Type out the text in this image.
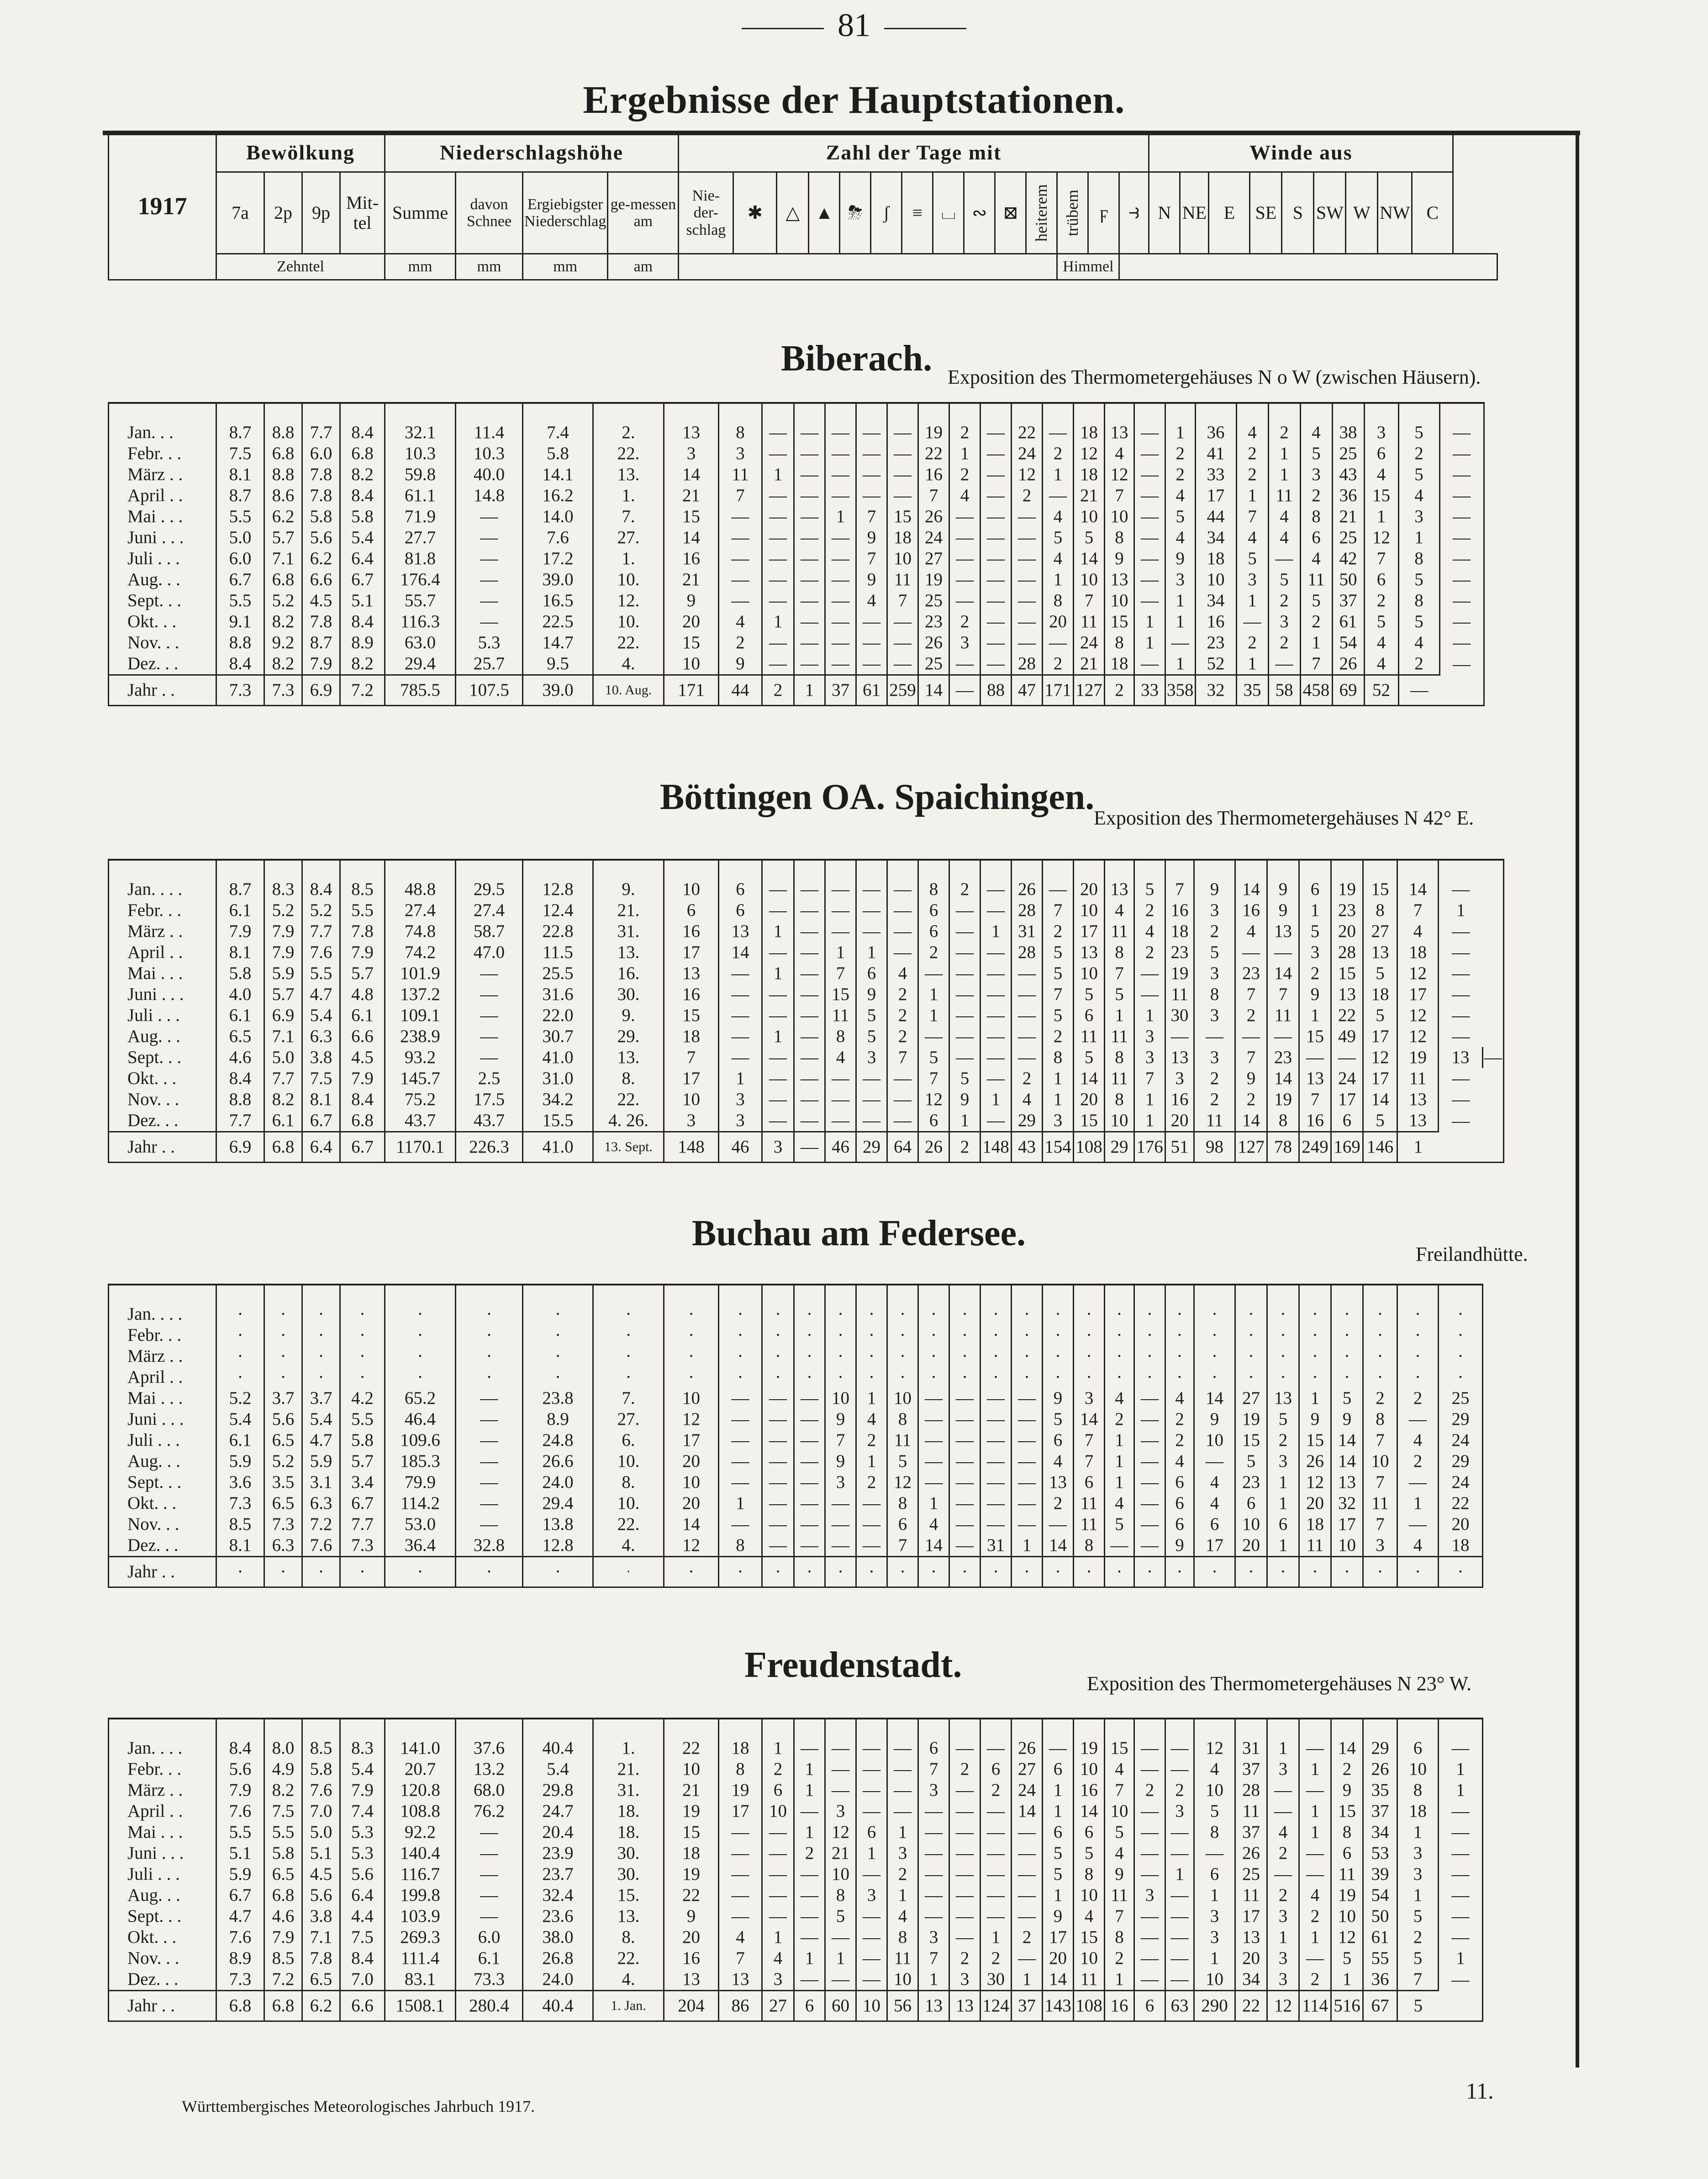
81
Ergebnisse der Hauptstationen.
1917	Bewölkung				Niederschlagshöhe				Zahl der Tage mit														Winde aus								
	7a	2p	9p	Mit-tel	Summe	davon Schnee	Ergiebigster Niederschlag	ge-messen am	Nie-der-schlag	✱	△	▲	⛈	ʃ	≡	⌴	∾	⊠	heiterem	trübem	ϝ	⥽	N	NE	E	SE	S	SW	W	NW	C
	Zehntel				mm	mm	mm	am												Himmel											
Biberach. Exposition des Thermometergehäuses N o W (zwischen Häusern).
Jan. . .	8.7	8.8	7.7	8.4	32.1	11.4	7.4	2.	13	8	—	—	—	—	—	19	2	—	22	—	18	13	—	1	36	4	2	4	38	3	5	—
Febr. . .	7.5	6.8	6.0	6.8	10.3	10.3	5.8	22.	3	3	—	—	—	—	—	22	1	—	24	2	12	4	—	2	41	2	1	5	25	6	2	—
März . .	8.1	8.8	7.8	8.2	59.8	40.0	14.1	13.	14	11	1	—	—	—	—	16	2	—	12	1	18	12	—	2	33	2	1	3	43	4	5	—
April . .	8.7	8.6	7.8	8.4	61.1	14.8	16.2	1.	21	7	—	—	—	—	—	7	4	—	2	—	21	7	—	4	17	1	11	2	36	15	4	—
Mai . . .	5.5	6.2	5.8	5.8	71.9	—	14.0	7.	15	—	—	—	1	7	15	26	—	—	—	4	10	10	—	5	44	7	4	8	21	1	3	—
Juni . . .	5.0	5.7	5.6	5.4	27.7	—	7.6	27.	14	—	—	—	—	9	18	24	—	—	—	5	5	8	—	4	34	4	4	6	25	12	1	—
Juli . . .	6.0	7.1	6.2	6.4	81.8	—	17.2	1.	16	—	—	—	—	7	10	27	—	—	—	4	14	9	—	9	18	5	—	4	42	7	8	—
Aug. . .	6.7	6.8	6.6	6.7	176.4	—	39.0	10.	21	—	—	—	—	9	11	19	—	—	—	1	10	13	—	3	10	3	5	11	50	6	5	—
Sept. . .	5.5	5.2	4.5	5.1	55.7	—	16.5	12.	9	—	—	—	—	4	7	25	—	—	—	8	7	10	—	1	34	1	2	5	37	2	8	—
Okt. . .	9.1	8.2	7.8	8.4	116.3	—	22.5	10.	20	4	1	—	—	—	—	23	2	—	—	20	11	15	1	1	16	—	3	2	61	5	5	—
Nov. . .	8.8	9.2	8.7	8.9	63.0	5.3	14.7	22.	15	2	—	—	—	—	—	26	3	—	—	—	24	8	1	—	23	2	2	1	54	4	4	—
Dez. . .	8.4	8.2	7.9	8.2	29.4	25.7	9.5	4.	10	9	—	—	—	—	—	25	—	—	28	2	21	18	—	1	52	1	—	7	26	4	2	—
Jahr . .	7.3	7.3	6.9	7.2	785.5	107.5	39.0	10. Aug.	171	44	2	1	37	61	259	14	—	88	47	171	127	2	33	358	32	35	58	458	69	52	—	
Böttingen OA. Spaichingen.
Exposition des Thermometergehäuses N 42° E.
Jan. . . .	8.7	8.3	8.4	8.5	48.8	29.5	12.8	9.	10	6	—	—	—	—	—	8	2	—	26	—	20	13	5	7	9	14	9	6	19	15	14	—	
Febr. . .	6.1	5.2	5.2	5.5	27.4	27.4	12.4	21.	6	6	—	—	—	—	—	6	—	—	28	7	10	4	2	16	3	16	9	1	23	8	7	1	
März . .	7.9	7.9	7.7	7.8	74.8	58.7	22.8	31.	16	13	1	—	—	—	—	6	—	1	31	2	17	11	4	18	2	4	13	5	20	27	4	—	
April . .	8.1	7.9	7.6	7.9	74.2	47.0	11.5	13.	17	14	—	—	1	1	—	2	—	—	28	5	13	8	2	23	5	—	—	3	28	13	18	—	
Mai . . .	5.8	5.9	5.5	5.7	101.9	—	25.5	16.	13	—	1	—	7	6	4	—	—	—	—	5	10	7	—	19	3	23	14	2	15	5	12	—	
Juni . . .	4.0	5.7	4.7	4.8	137.2	—	31.6	30.	16	—	—	—	15	9	2	1	—	—	—	7	5	5	—	11	8	7	7	9	13	18	17	—	
Juli . . .	6.1	6.9	5.4	6.1	109.1	—	22.0	9.	15	—	—	—	11	5	2	1	—	—	—	5	6	1	1	30	3	2	11	1	22	5	12	—	
Aug. . .	6.5	7.1	6.3	6.6	238.9	—	30.7	29.	18	—	1	—	8	5	2	—	—	—	—	2	11	11	3	—	—	—	—	15	49	17	12	—	
Sept. . .	4.6	5.0	3.8	4.5	93.2	—	41.0	13.	7	—	—	—	4	3	7	5	—	—	—	8	5	8	3	13	3	7	23	—	—	12	19	13	—
Okt. . .	8.4	7.7	7.5	7.9	145.7	2.5	31.0	8.	17	1	—	—	—	—	—	7	5	—	2	1	14	11	7	3	2	9	14	13	24	17	11	—	
Nov. . .	8.8	8.2	8.1	8.4	75.2	17.5	34.2	22.	10	3	—	—	—	—	—	12	9	1	4	1	20	8	1	16	2	2	19	7	17	14	13	—	
Dez. . .	7.7	6.1	6.7	6.8	43.7	43.7	15.5	4. 26.	3	3	—	—	—	—	—	6	1	—	29	3	15	10	1	20	11	14	8	16	6	5	13	—	
Jahr . .	6.9	6.8	6.4	6.7	1170.1	226.3	41.0	13. Sept.	148	46	3	—	46	29	64	26	2	148	43	154	108	29	176	51	98	127	78	249	169	146	1		
Buchau am Federsee.
Freilandhütte.
Jan. . . .	·	·	·	·	·	·	·	·	·	·	·	·	·	·	·	·	·	·	·	·	·	·	·	·	·	·	·	·	·	·	·	·
Febr. . .	·	·	·	·	·	·	·	·	·	·	·	·	·	·	·	·	·	·	·	·	·	·	·	·	·	·	·	·	·	·	·	·
März . .	·	·	·	·	·	·	·	·	·	·	·	·	·	·	·	·	·	·	·	·	·	·	·	·	·	·	·	·	·	·	·	·
April . .	·	·	·	·	·	·	·	·	·	·	·	·	·	·	·	·	·	·	·	·	·	·	·	·	·	·	·	·	·	·	·	·
Mai . . .	5.2	3.7	3.7	4.2	65.2	—	23.8	7.	10	—	—	—	10	1	10	—	—	—	—	9	3	4	—	4	14	27	13	1	5	2	2	25
Juni . . .	5.4	5.6	5.4	5.5	46.4	—	8.9	27.	12	—	—	—	9	4	8	—	—	—	—	5	14	2	—	2	9	19	5	9	9	8	—	29
Juli . . .	6.1	6.5	4.7	5.8	109.6	—	24.8	6.	17	—	—	—	7	2	11	—	—	—	—	6	7	1	—	2	10	15	2	15	14	7	4	24
Aug. . .	5.9	5.2	5.9	5.7	185.3	—	26.6	10.	20	—	—	—	9	1	5	—	—	—	—	4	7	1	—	4	—	5	3	26	14	10	2	29
Sept. . .	3.6	3.5	3.1	3.4	79.9	—	24.0	8.	10	—	—	—	3	2	12	—	—	—	—	13	6	1	—	6	4	23	1	12	13	7	—	24
Okt. . .	7.3	6.5	6.3	6.7	114.2	—	29.4	10.	20	1	—	—	—	—	8	1	—	—	—	2	11	4	—	6	4	6	1	20	32	11	1	22
Nov. . .	8.5	7.3	7.2	7.7	53.0	—	13.8	22.	14	—	—	—	—	—	6	4	—	—	—	—	11	5	—	6	6	10	6	18	17	7	—	20
Dez. . .	8.1	6.3	7.6	7.3	36.4	32.8	12.8	4.	12	8	—	—	—	—	7	14	—	31	1	14	8	—	—	9	17	20	1	11	10	3	4	18
Jahr . .	·	·	·	·	·	·	·	·	·	·	·	·	·	·	·	·	·	·	·	·	·	·	·	·	·	·	·	·	·	·	·	·
Freudenstadt.	Exposition des Thermometergehäuses N 23° W.
Jan. . . .	8.4	8.0	8.5	8.3	141.0	37.6	40.4	1.	22	18	1	—	—	—	—	6	—	—	26	—	19	15	—	—	12	31	1	—	14	29	6	—
Febr. . .	5.6	4.9	5.8	5.4	20.7	13.2	5.4	21.	10	8	2	1	—	—	—	7	2	6	27	6	10	4	—	—	4	37	3	1	2	26	10	1
März . .	7.9	8.2	7.6	7.9	120.8	68.0	29.8	31.	21	19	6	1	—	—	—	3	—	2	24	1	16	7	2	2	10	28	—	—	9	35	8	1
April . .	7.6	7.5	7.0	7.4	108.8	76.2	24.7	18.	19	17	10	—	3	—	—	—	—	—	14	1	14	10	—	3	5	11	—	1	15	37	18	—
Mai . . .	5.5	5.5	5.0	5.3	92.2	—	20.4	18.	15	—	—	1	12	6	1	—	—	—	—	6	6	5	—	—	8	37	4	1	8	34	1	—
Juni . . .	5.1	5.8	5.1	5.3	140.4	—	23.9	30.	18	—	—	2	21	1	3	—	—	—	—	5	5	4	—	—	—	26	2	—	6	53	3	—
Juli . . .	5.9	6.5	4.5	5.6	116.7	—	23.7	30.	19	—	—	—	10	—	2	—	—	—	—	5	8	9	—	1	6	25	—	—	11	39	3	—
Aug. . .	6.7	6.8	5.6	6.4	199.8	—	32.4	15.	22	—	—	—	8	3	1	—	—	—	—	1	10	11	3	—	1	11	2	4	19	54	1	—
Sept. . .	4.7	4.6	3.8	4.4	103.9	—	23.6	13.	9	—	—	—	5	—	4	—	—	—	—	9	4	7	—	—	3	17	3	2	10	50	5	—
Okt. . .	7.6	7.9	7.1	7.5	269.3	6.0	38.0	8.	20	4	1	—	—	—	8	3	—	1	2	17	15	8	—	—	3	13	1	1	12	61	2	—
Nov. . .	8.9	8.5	7.8	8.4	111.4	6.1	26.8	22.	16	7	4	1	1	—	11	7	2	2	—	20	10	2	—	—	1	20	3	—	5	55	5	1
Dez. . .	7.3	7.2	6.5	7.0	83.1	73.3	24.0	4.	13	13	3	—	—	—	10	1	3	30	1	14	11	1	—	—	10	34	3	2	1	36	7	—
Jahr . .	6.8	6.8	6.2	6.6	1508.1	280.4	40.4	1. Jan.	204	86	27	6	60	10	56	13	13	124	37	143	108	16	6	63	290	22	12	114	516	67	5	
Württembergisches Meteorologisches Jahrbuch 1917.
11.
